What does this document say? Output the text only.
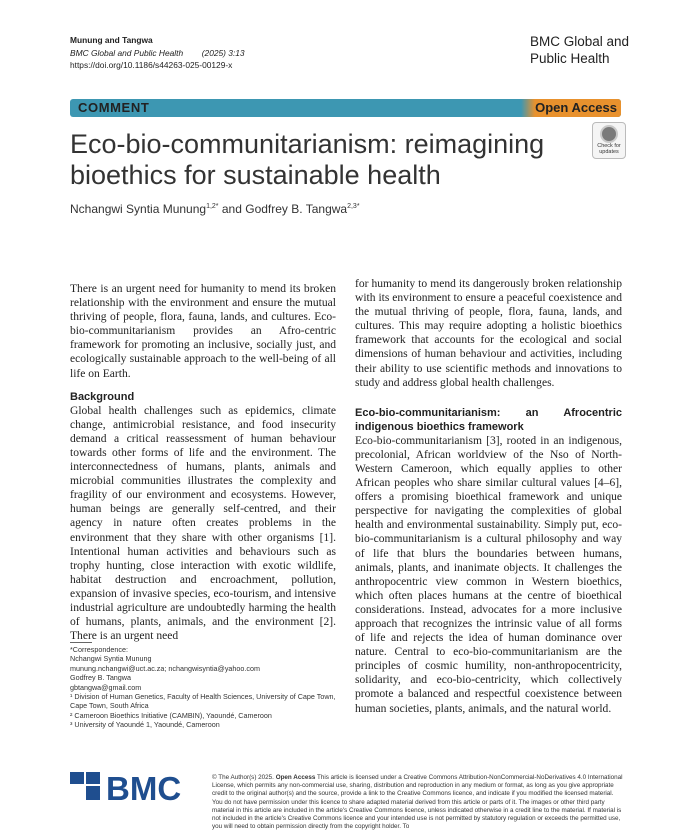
Munung and Tangwa
BMC Global and Public Health (2025) 3:13
https://doi.org/10.1186/s44263-025-00129-x
BMC Global and
Public Health
COMMENT	Open Access
Eco-bio-communitarianism: reimagining bioethics for sustainable health
Check for
updates
Nchangwi Syntia Munung$^{1,2*}$ and Godfrey B. Tangwa$^{2,3*}$

There is an urgent need for humanity to mend its broken relationship with the environment and ensure the mutual thriving of people, flora, fauna, lands, and cultures. Eco-bio-communitarianism provides an Afro-centric framework for promoting an inclusive, socially just, and ecologically sustainable approach to the well-being of all life on Earth.

Background

Global health challenges such as epidemics, climate change, antimicrobial resistance, and food insecurity demand a critical reassessment of human behaviour towards other forms of life and the environment. The interconnectedness of humans, plants, animals and microbial communities illustrates the complexity and fragility of our environment and ecosystems. However, human beings are generally self-centred, and their agency in nature often creates problems in the environment that they share with other organisms [1]. Intentional human activities and behaviours such as trophy hunting, close interaction with exotic wildlife, habitat destruction and encroachment, pollution, expansion of invasive species, eco-tourism, and intensive industrial agriculture are undoubtedly harming the health of humans, plants, animals, and the environment [2]. There is an urgent need

for humanity to mend its dangerously broken relationship with its environment to ensure a peaceful coexistence and the mutual thriving of people, flora, fauna, lands, and cultures. This may require adopting a holistic bioethics framework that accounts for the ecological and social dimensions of human behaviour and activities, including their ability to use scientific methods and innovations to study and address global health challenges.

Eco-bio-communitarianism: an Afrocentric indigenous bioethics framework

Eco-bio-communitarianism [3], rooted in an indigenous, precolonial, African worldview of the Nso of North-Western Cameroon, which equally applies to other African peoples who share similar cultural values [4–6], offers a promising bioethical framework and unique perspective for navigating the complexities of global health and environmental sustainability. Simply put, eco-bio-communitarianism is a cultural philosophy and way of life that blurs the boundaries between humans, animals, plants, and inanimate objects. It challenges the anthropocentric view common in Western bioethics, which often places humans at the centre of bioethical considerations. Instead, advocates for a more inclusive approach that recognizes the intrinsic value of all forms of life and rejects the idea of human dominance over nature. Central to eco-bio-communitarianism are the principles of cosmic humility, non-anthropocentricity, solidarity, and eco-bio-centricity, which collectively promote a balanced and respectful coexistence between human societies, plants, animals, and the natural world.

*Correspondence:
Nchangwi Syntia Munung
munung.nchangwi@uct.ac.za; nchangwisyntia@yahoo.com
Godfrey B. Tangwa
gbtangwa@gmail.com
¹ Division of Human Genetics, Faculty of Health Sciences, University of Cape Town, Cape Town, South Africa
² Cameroon Bioethics Initiative (CAMBIN), Yaoundé, Cameroon
³ University of Yaoundé 1, Yaoundé, Cameroon
BMC	© The Author(s) 2025. Open Access This article is licensed under a Creative Commons Attribution-NonCommercial-NoDerivatives 4.0 International License, which permits any non-commercial use, sharing, distribution and reproduction in any medium or format, as long as you give appropriate credit to the original author(s) and the source, provide a link to the Creative Commons licence, and indicate if you modified the licensed material. You do not have permission under this licence to share adapted material derived from this article or parts of it. The images or other third party material in this article are included in the article's Creative Commons licence, unless indicated otherwise in a credit line to the material. If material is not included in the article's Creative Commons licence and your intended use is not permitted by statutory regulation or exceeds the permitted use, you will need to obtain permission directly from the copyright holder. To
